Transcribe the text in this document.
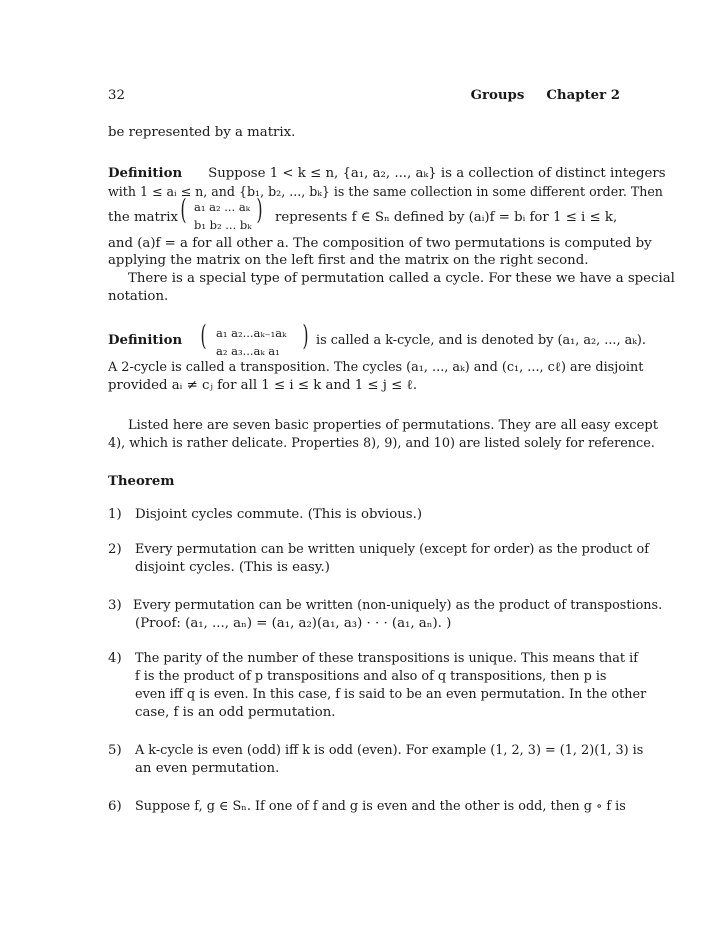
32	Groups Chapter 2
be represented by a matrix.
Definition Suppose 1 < k ≤ n, {a₁, a₂, ..., aₖ} is a collection of distinct integers
with 1 ≤ aᵢ ≤ n, and {b₁, b₂, ..., bₖ} is the same collection in some different order. Then
the matrix ( a₁ a₂ ... aₖ
b₁ b₂ ... bₖ ) represents f ∈ Sₙ defined by (aᵢ)f = bᵢ for 1 ≤ i ≤ k,
and (a)f = a for all other a. The composition of two permutations is computed by
applying the matrix on the left first and the matrix on the right second.
There is a special type of permutation called a cycle. For these we have a special
notation.
Definition ( a₁ a₂...aₖ₋₁aₖ
a₂ a₃...aₖ a₁ ) is called a k-cycle, and is denoted by (a₁, a₂, ..., aₖ).
A 2-cycle is called a transposition. The cycles (a₁, ..., aₖ) and (c₁, ..., cℓ) are disjoint
provided aᵢ ≠ cⱼ for all 1 ≤ i ≤ k and 1 ≤ j ≤ ℓ.
Listed here are seven basic properties of permutations. They are all easy except
4), which is rather delicate. Properties 8), 9), and 10) are listed solely for reference.
Theorem
1) Disjoint cycles commute. (This is obvious.)
2) Every permutation can be written uniquely (except for order) as the product of
disjoint cycles. (This is easy.)
3) Every permutation can be written (non-uniquely) as the product of transpostions.
(Proof: (a₁, ..., aₙ) = (a₁, a₂)(a₁, a₃) · · · (a₁, aₙ). )
4) The parity of the number of these transpositions is unique. This means that if
f is the product of p transpositions and also of q transpositions, then p is
even iff q is even. In this case, f is said to be an even permutation. In the other
case, f is an odd permutation.
5) A k-cycle is even (odd) iff k is odd (even). For example (1, 2, 3) = (1, 2)(1, 3) is
an even permutation.
6) Suppose f, g ∈ Sₙ. If one of f and g is even and the other is odd, then g ∘ f is
